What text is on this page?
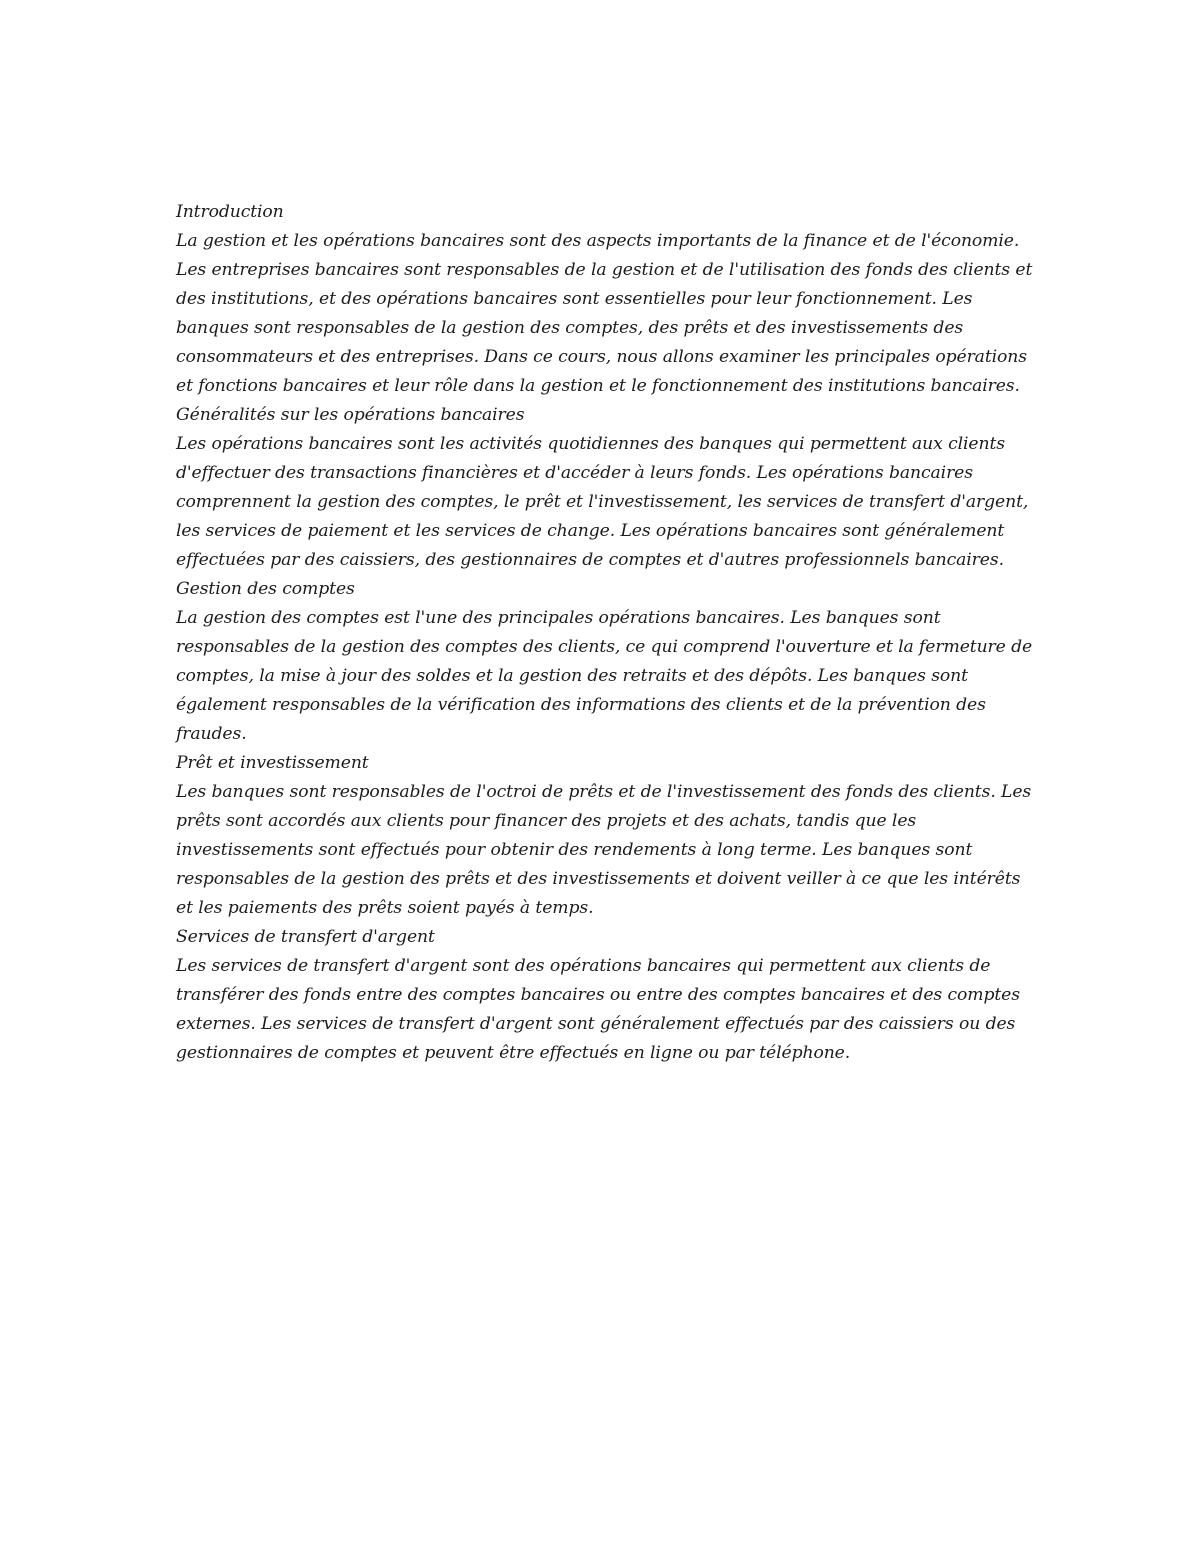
Introduction

La gestion et les opérations bancaires sont des aspects importants de la finance et de l'économie. Les entreprises bancaires sont responsables de la gestion et de l'utilisation des fonds des clients et des institutions, et des opérations bancaires sont essentielles pour leur fonctionnement. Les banques sont responsables de la gestion des comptes, des prêts et des investissements des consommateurs et des entreprises. Dans ce cours, nous allons examiner les principales opérations et fonctions bancaires et leur rôle dans la gestion et le fonctionnement des institutions bancaires.

Généralités sur les opérations bancaires

Les opérations bancaires sont les activités quotidiennes des banques qui permettent aux clients d'effectuer des transactions financières et d'accéder à leurs fonds. Les opérations bancaires comprennent la gestion des comptes, le prêt et l'investissement, les services de transfert d'argent, les services de paiement et les services de change. Les opérations bancaires sont généralement effectuées par des caissiers, des gestionnaires de comptes et d'autres professionnels bancaires.

Gestion des comptes

La gestion des comptes est l'une des principales opérations bancaires. Les banques sont responsables de la gestion des comptes des clients, ce qui comprend l'ouverture et la fermeture de comptes, la mise à jour des soldes et la gestion des retraits et des dépôts. Les banques sont également responsables de la vérification des informations des clients et de la prévention des fraudes.

Prêt et investissement

Les banques sont responsables de l'octroi de prêts et de l'investissement des fonds des clients. Les prêts sont accordés aux clients pour financer des projets et des achats, tandis que les investissements sont effectués pour obtenir des rendements à long terme. Les banques sont responsables de la gestion des prêts et des investissements et doivent veiller à ce que les intérêts et les paiements des prêts soient payés à temps.

Services de transfert d'argent

Les services de transfert d'argent sont des opérations bancaires qui permettent aux clients de transférer des fonds entre des comptes bancaires ou entre des comptes bancaires et des comptes externes. Les services de transfert d'argent sont généralement effectués par des caissiers ou des gestionnaires de comptes et peuvent être effectués en ligne ou par téléphone.
